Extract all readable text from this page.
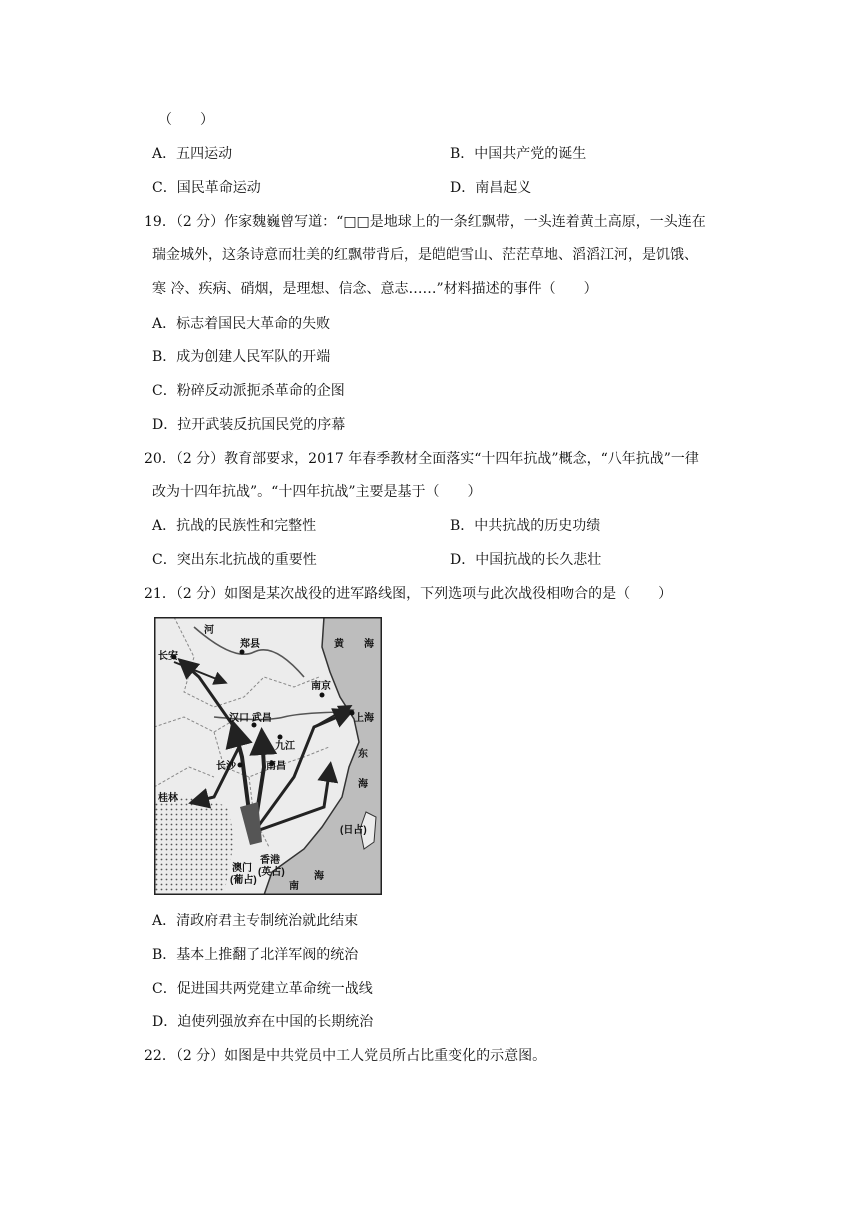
（　　）
A．五四运动	B．中国共产党的诞生
C．国民革命运动	D．南昌起义
19．（2 分）作家魏巍曾写道：“□□是地球上的一条红飘带，一头连着黄土高原，一头连在
瑞金城外，这条诗意而壮美的红飘带背后，是皑皑雪山、茫茫草地、滔滔江河，是饥饿、
寒 冷、疾病、硝烟，是理想、信念、意志……”材料描述的事件（　　）
A．标志着国民大革命的失败
B．成为创建人民军队的开端
C．粉碎反动派扼杀革命的企图
D．拉开武装反抗国民党的序幕
20．（2 分）教育部要求，2017 年春季教材全面落实“十四年抗战”概念，“八年抗战”一律
改为十四年抗战”。“十四年抗战”主要是基于（　　）
A．抗战的民族性和完整性	B．中共抗战的历史功绩
C．突出东北抗战的重要性	D．中国抗战的长久悲壮
21．（2 分）如图是某次战役的进军路线图，下列选项与此次战役相吻合的是（　　）
河
长安
郑县	黄 海
南京
上海
汉口 武昌
九江
长沙	南昌
东
海
桂林
(日占)
香港
(英占)
澳门
(葡占)
南
海
A．清政府君主专制统治就此结束
B．基本上推翻了北洋军阀的统治
C．促进国共两党建立革命统一战线
D．迫使列强放弃在中国的长期统治
22．（2 分）如图是中共党员中工人党员所占比重变化的示意图。
